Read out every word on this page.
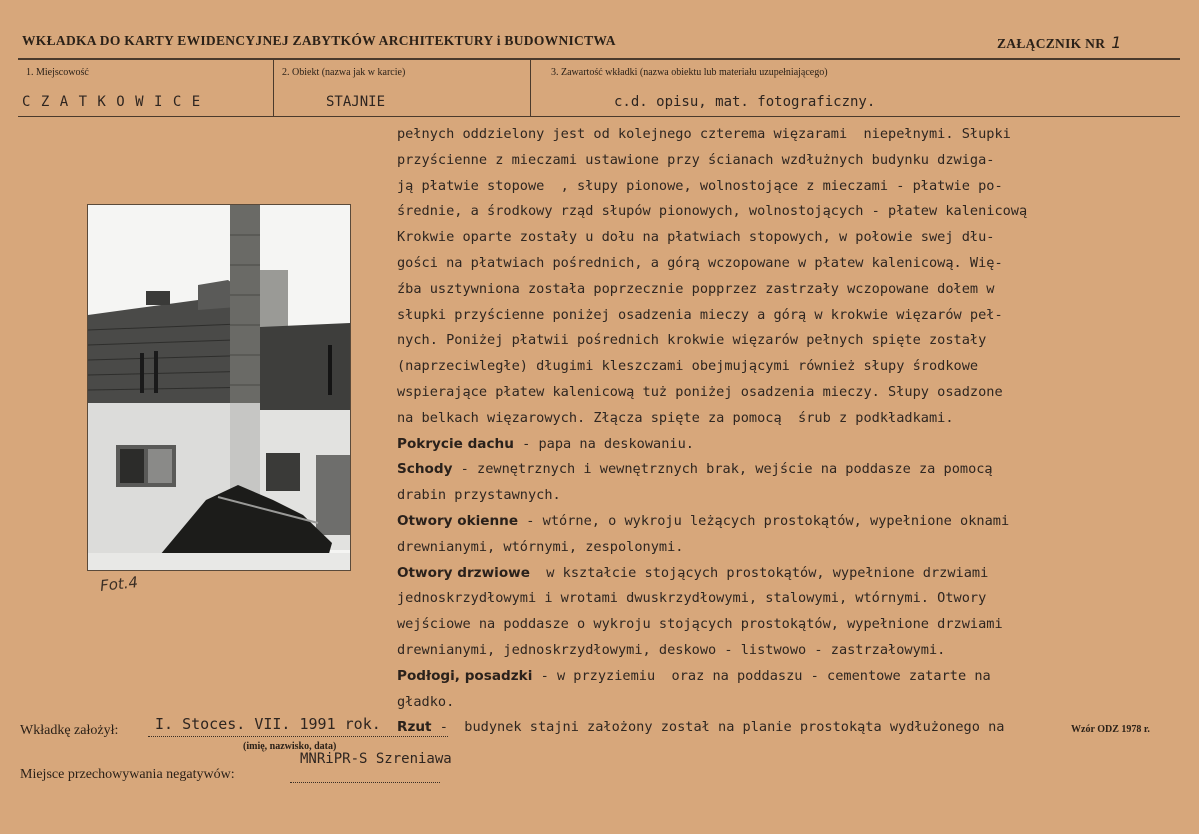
WKŁADKA DO KARTY EWIDENCYJNEJ ZABYTKÓW ARCHITEKTURY i BUDOWNICTWA	ZAŁĄCZNIK NR 1
1. Miejscowość	2. Obiekt (nazwa jak w karcie)	3. Zawartość wkładki (nazwa obiektu lub materiału uzupełniającego)
C Z A T K O W I C E	STAJNIE	c.d. opisu, mat. fotograficzny.
Fot.4
pełnych oddzielony jest od kolejnego czterema więzarami  niepełnymi. Słupki
przyścienne z mieczami ustawione przy ścianach wzdłużnych budynku dzwiga-
ją płatwie stopowe  , słupy pionowe, wolnostojące z mieczami - płatwie po-
średnie, a środkowy rząd słupów pionowych, wolnostojących - płatew kalenicową
Krokwie oparte zostały u dołu na płatwiach stopowych, w połowie swej dłu-
gości na płatwiach pośrednich, a górą wczopowane w płatew kalenicową. Wię-
źba usztywniona została poprzecznie popprzez zastrzały wczopowane dołem w
słupki przyścienne poniżej osadzenia mieczy a górą w krokwie więzarów peł-
nych. Poniżej płatwii pośrednich krokwie więzarów pełnych spięte zostały
(naprzeciwległe) długimi kleszczami obejmującymi również słupy środkowe
wspierające płatew kalenicową tuż poniżej osadzenia mieczy. Słupy osadzone
na belkach więzarowych. Złącza spięte za pomocą  śrub z podkładkami.
Pokrycie dachu - papa na deskowaniu.
Schody - zewnętrznych i wewnętrznych brak, wejście na poddasze za pomocą
drabin przystawnych.
Otwory okienne - wtórne, o wykroju leżących prostokątów, wypełnione oknami
drewnianymi, wtórnymi, zespolonymi.
Otwory drzwiowe  w kształcie stojących prostokątów, wypełnione drzwiami
jednoskrzydłowymi i wrotami dwuskrzydłowymi, stalowymi, wtórnymi. Otwory
wejściowe na poddasze o wykroju stojących prostokątów, wypełnione drzwiami
drewnianymi, jednoskrzydłowymi, deskowo - listwowo - zastrzałowymi.
Podłogi, posadzki - w przyziemiu  oraz na poddaszu - cementowe zatarte na
gładko.
Rzut -  budynek stajni założony został na planie prostokąta wydłużonego na
Wkładkę założył: I. Stoces. VII. 1991 rok.
(imię, nazwisko, data)
Miejsce przechowywania negatywów:
MNRiPR-S Szreniawa
Wzór ODZ 1978 r.
